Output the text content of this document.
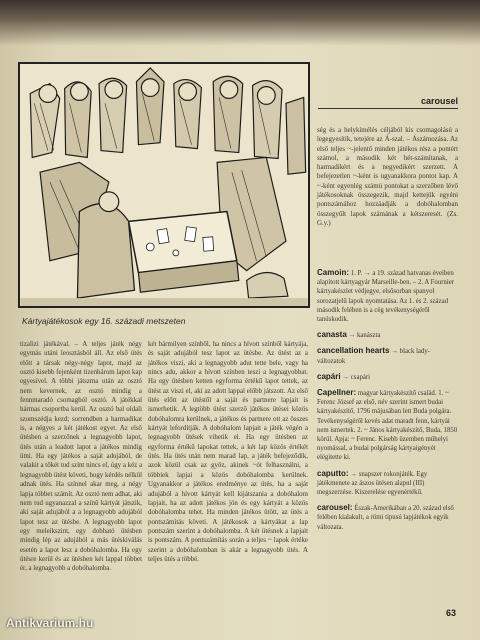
Kártyajátékosok egy 16. századi metszeten

tizalizi játékával. – A teljes játék négy egymás utáni leosztásból áll. Az első ütés előtt a társak négy-négy lapot, majd az osztó kisebb fejenként tizenhárom lapot kap egyesível. A többi játszma után az osztó nem kevernek, az osztó mindig a fennmaradó csomagból osztó. A játékkal hármas csoportba kerül. Az osztó bal oldali szomszédja kezd; sorrendben a harmadikat is, a négyes a két játékost egyet. Az első ütésben a szerzőnek a legnagyobb lapot, ütés után a leadott lapot a játékos mindig ütni. Ha egy játékos a saját adujából, de valakit a tőkét tud színt nincs el, úgy a kéz a legnagyobb ütést követi, hogy kérdés nélkül adnak ütés. Ha színnel akar meg, a négy lapja többet számít. Az osztó nem adhat, aki nem tud ugyanazzal a színű kártyát játszik, aki saját adujából a a legnagyobb adujából lapot tesz az ütésbe. A legnagyobb lapot egy meleikszint, egy dobható ütésben mindig lép az adujából a más ütéskiválás esetén a lapot lesz a dobóhalomba. Ha egy ütésre kerül és az ütésben két lappal többet ér, a legnagyobb a dobóhalomba.

két bármilyen színből, ha nincs a hívott színből kártyája, és saját adujából tesz lapot az ütésbe. Az ütést az a játékos viszi, aki a legnagyobb adut tette bele, vagy ha nincs adu, akkor a hívott színben teszi a legnagyobbat. Ha egy ütésben ketten egyforma értékű lapot tettek, az ütést az viszi el, aki az adott lappal előbb játszott. Az első ütés előtt az ütéstől a saját és partnere lapjait is ismerhetik. A legtöbb ütést szerző játékos ütései közös dobóhalomra kerülnek, a játékos és partnere ott az összes kártyát lefordítják. A dobóhalom lapjait a játék végén a legnagyobb ütések vihetik el. Ha egy ütésben az egyforma értékű lapokat tettek, a két lap közös értékét ütés. Ha ütés után nem marad lap, a játék befejeződik, azok közül csak az győz, akinek ~ót felhasználni, a többiek lapjai a közös dobóhalomba kerülnek. Ugyanakkor a játékos eredménye az ütés, ha a saját adujából a hívott kártyát kell kijátszania a dobóhalom lapjait, ha az adott játékos jön és egy kártyát a közös dobóhalomba tehet. Ha minden játékos ütött, az ütés a pontszámítás követi. A játékosok a kártyákat a lap pontszám szerint a dobóhalomba. A két ütésnek a lapjait is pontszám. A pontszámítás során a teljes ~ lapok értéke szerint a dobóhalomban is akár a legnagyobb ütés. A teljes ütés a többé.

carousel
ség és a helykímélés céljából kis csomagolású a legegyesítik, tetejére az Á-szal. – Ászámozása. Az első teljes ~-jelentő minden játékos rész a pontért számol, a második két hét-számítanak, a harmadikért és a negyedikért szerzett. A befejezetlen ~-ként is ugyanakkora pontot kap. A ~-ként egyenlég számú pontokat a szerzőben lévő játékosoknak összegezik, majd kettejük egyéni pontszámához hozzáadják a dobóhalomban összegyűlt lapok számának a kétszeresét. (Zs. G.y.)

Camoin: 1. P. → a 19. század hatvanas éveiben alapított kártyagyár Marseille-ben. – 2. A Fournier kártyakészlet védjegye, elsősorban spanyol sorozatjelű lapok nyomtatása. Az 1. és 2. század második felében is a cég tevékenységéről tanúskodik.

canasta → kanászta

cancellation hearts → black lady-változatok

capári → csapári

Capellner: magyar kártyakészítő család. 1. ~ Ferenc József az első, név szerint ismert budai kártyakészítő, 1796 májusában lett Buda polgára. Tevékenységéről kevés adat maradt fenn, kártyái nem ismertek. 2. ~ János kártyakészítő, Buda, 1850 körül. Apja: ~ Ferenc. Kisebb üzemben műhelyi nyomással, a budai polgárság kártyaigényét elégítette ki.

caputto: → snapszer rokonjáték. Egy játékmenete az ászos ütésen alapul (III) megszerzése. Kiszerelése egyenértékű.

carousel: Észak-Amerikában a 20. század első felében kialakult, a römi típusú lapjátékok egyik változata.

63
Antikvarium.hu
